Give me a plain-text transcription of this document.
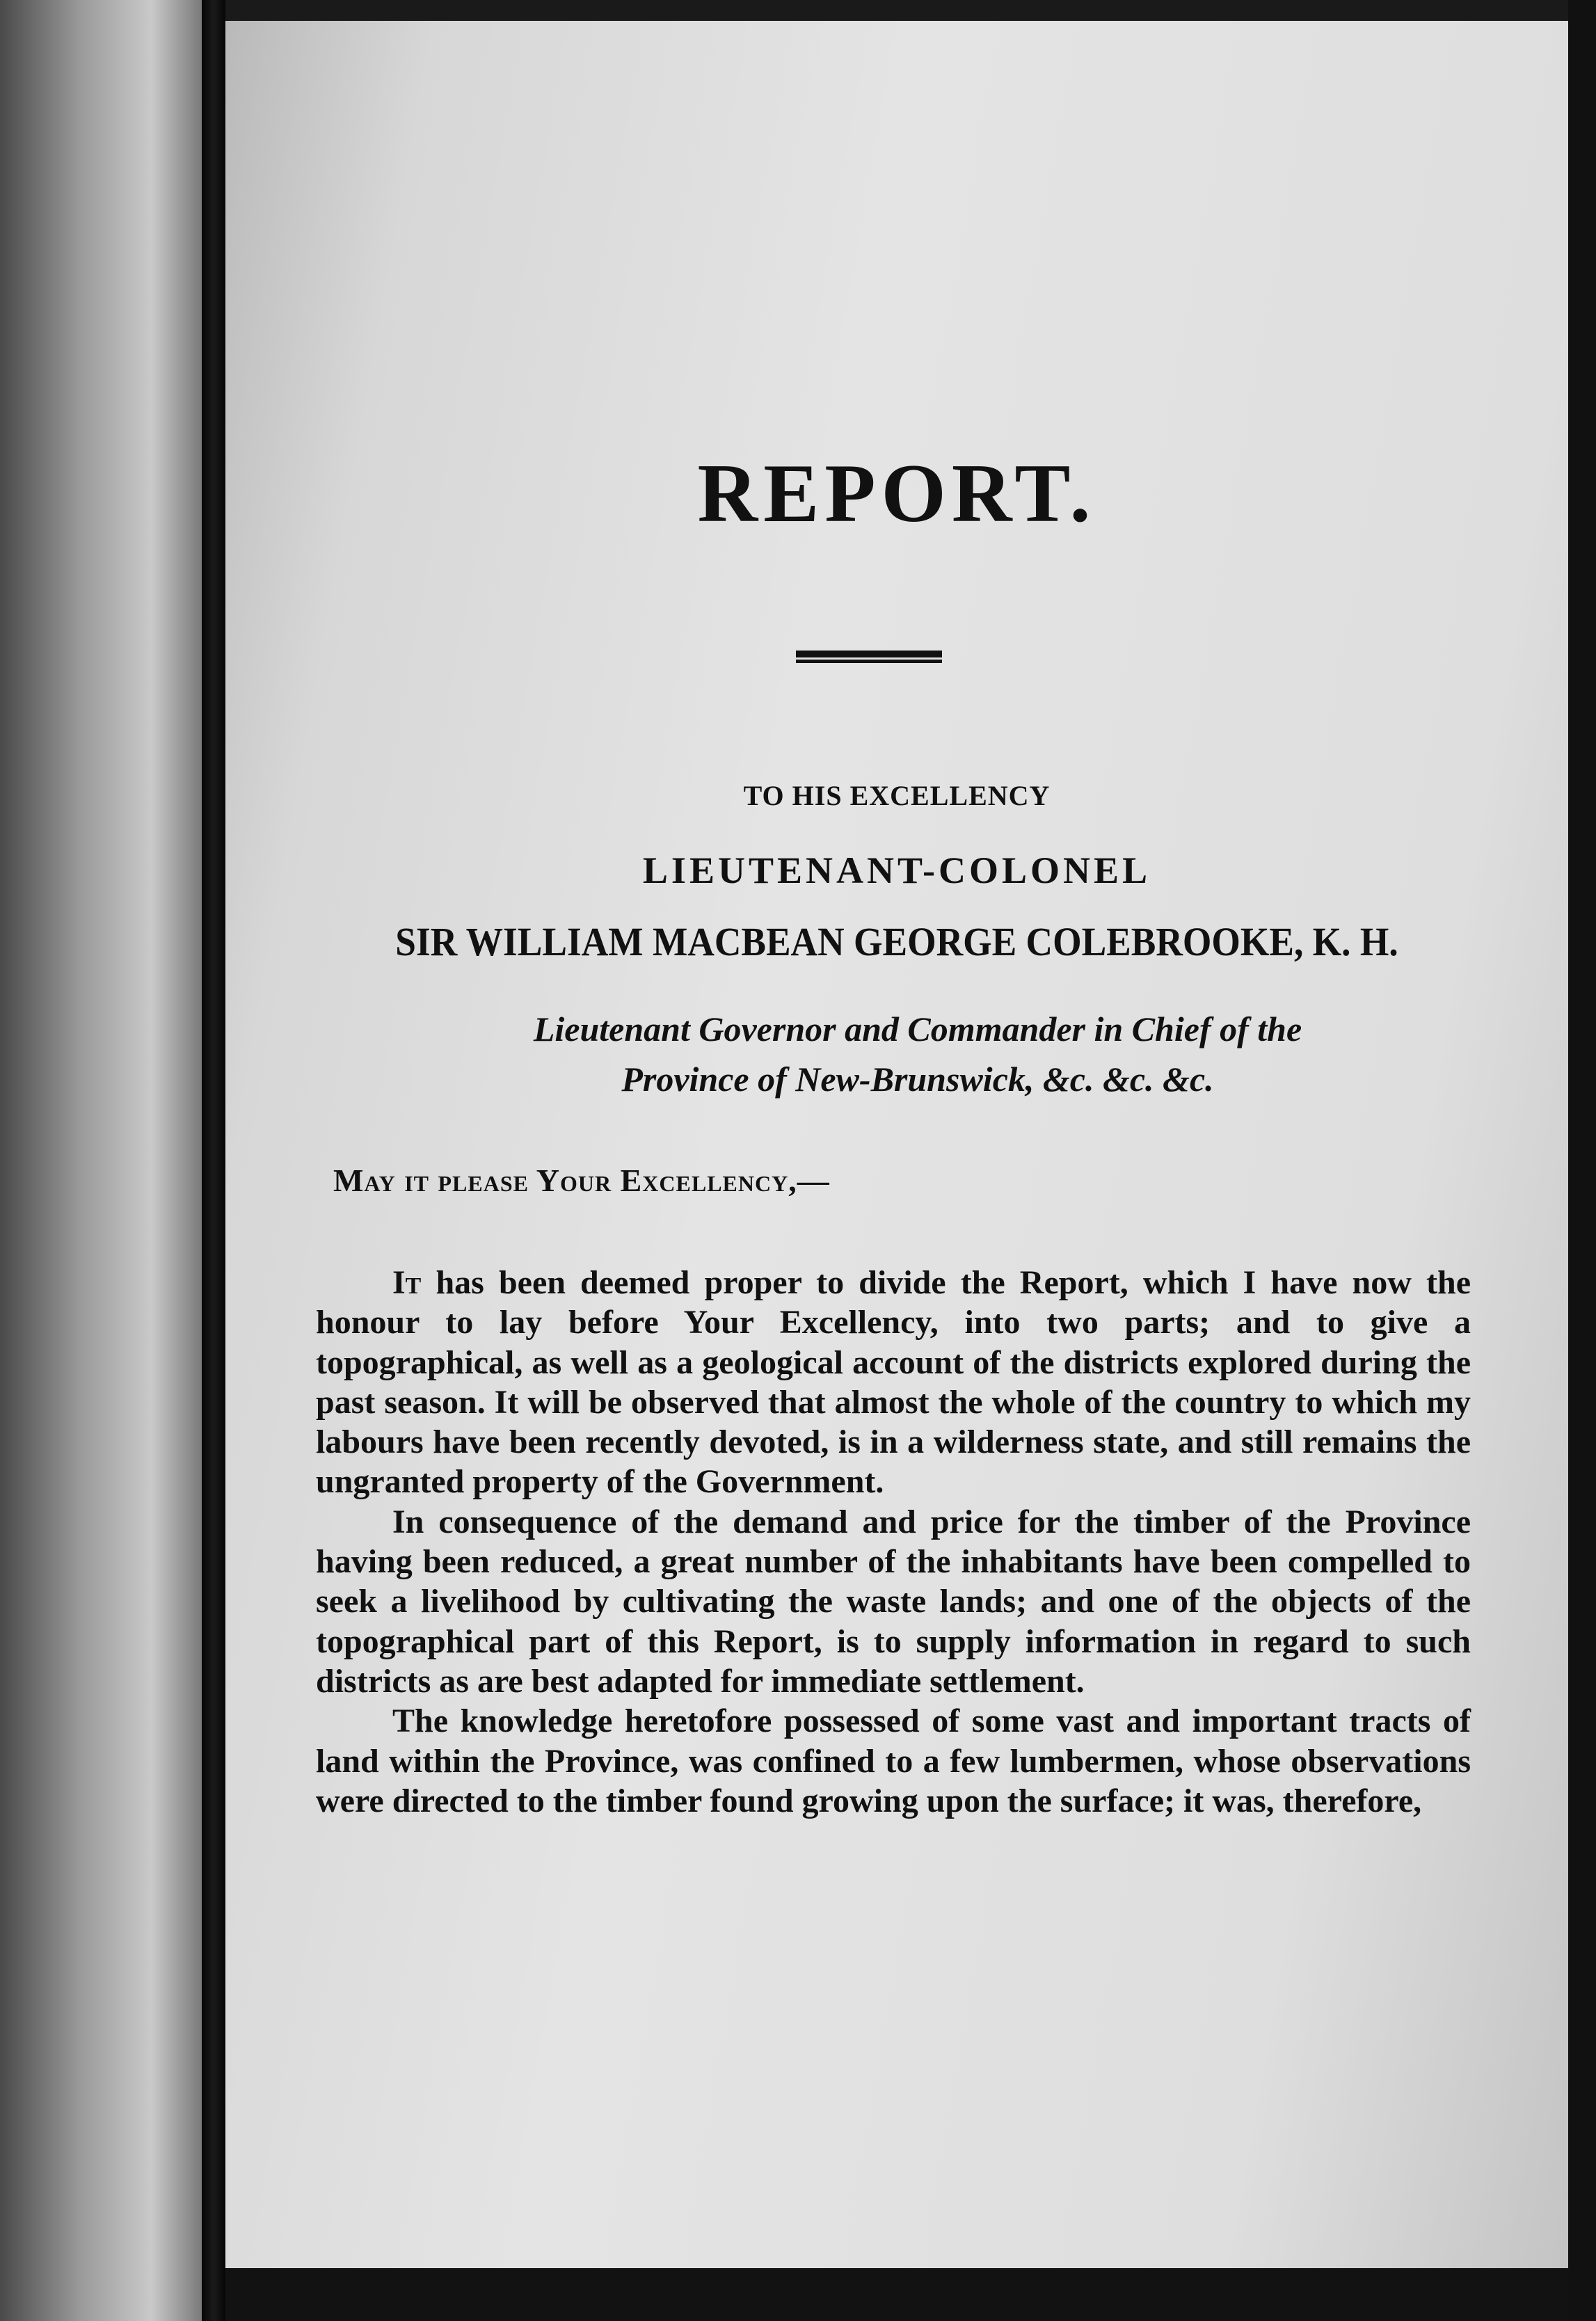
REPORT.
TO HIS EXCELLENCY
LIEUTENANT-COLONEL
SIR WILLIAM MACBEAN GEORGE COLEBROOKE, K. H.
Lieutenant Governor and Commander in Chief of the
Province of New-Brunswick, &c. &c. &c.
May it please Your Excellency,—

It has been deemed proper to divide the Report, which I have now the honour to lay before Your Excellency, into two parts; and to give a topographical, as well as a geological account of the districts explored during the past season. It will be observed that almost the whole of the country to which my labours have been recently devoted, is in a wilderness state, and still remains the ungranted property of the Government.

In consequence of the demand and price for the timber of the Province having been reduced, a great number of the inhabitants have been compelled to seek a livelihood by cultivating the waste lands; and one of the objects of the topographical part of this Report, is to supply information in regard to such districts as are best adapted for immediate settlement.

The knowledge heretofore possessed of some vast and important tracts of land within the Province, was confined to a few lumbermen, whose observations were directed to the timber found growing upon the surface; it was, therefore,
